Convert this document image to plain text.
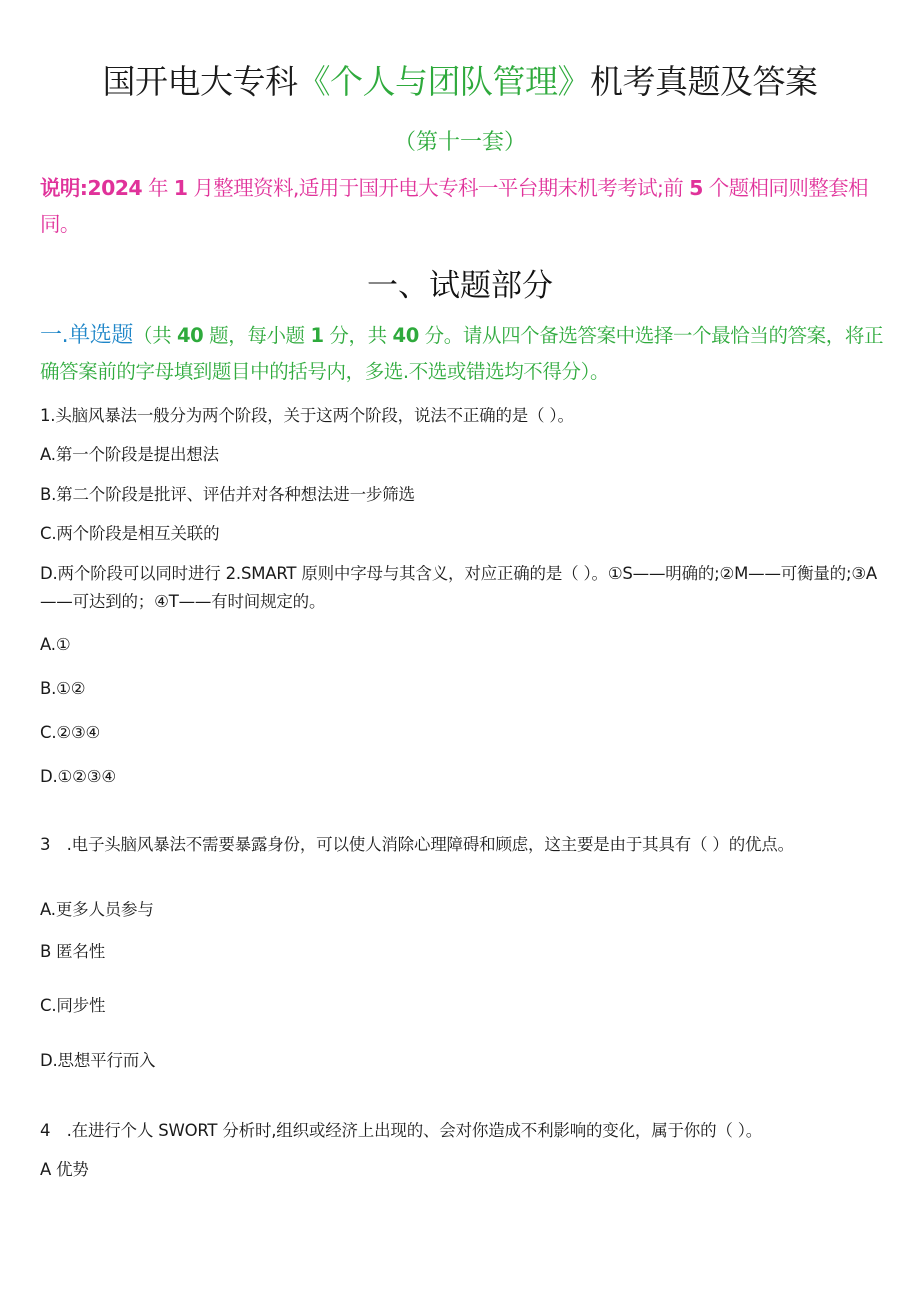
国开电大专科《个人与团队管理》机考真题及答案
（第十一套）
说明:2024 年 1 月整理资料,适用于国开电大专科一平台期末机考考试;前 5 个题相同则整套相同。
一、试题部分
一.单选题（共 40 题，每小题 1 分，共 40 分。请从四个备选答案中选择一个最恰当的答案，将正确答案前的字母填到题目中的括号内，多选.不选或错选均不得分）。
1.头脑风暴法一般分为两个阶段，关于这两个阶段，说法不正确的是（ ）。
A.第一个阶段是提出想法
B.第二个阶段是批评、评估并对各种想法进一步筛选
C.两个阶段是相互关联的
D.两个阶段可以同时进行 2.SMART 原则中字母与其含义，对应正确的是（ ）。①S——明确的;②M——可衡量的;③A——可达到的；④T——有时间规定的。
A.①
B.①②
C.②③④
D.①②③④
3　.电子头脑风暴法不需要暴露身份，可以使人消除心理障碍和顾虑，这主要是由于其具有（ ）的优点。
A.更多人员参与
B 匿名性
C.同步性
D.思想平行而入
4　.在进行个人 SWORT 分析时,组织或经济上出现的、会对你造成不利影响的变化，属于你的（ ）。
A 优势
